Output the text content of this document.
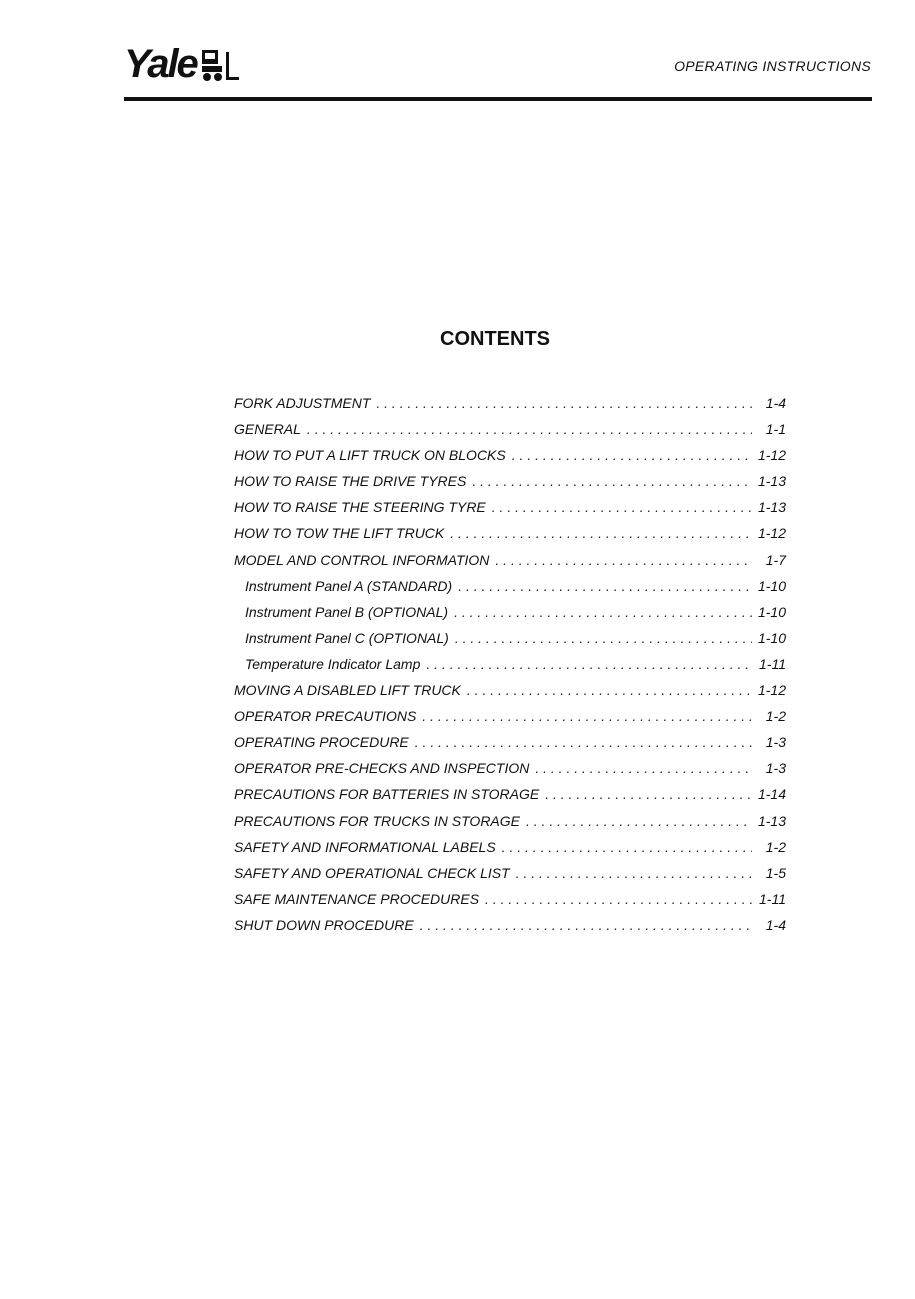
Yale	OPERATING INSTRUCTIONS
CONTENTS
FORK ADJUSTMENT . . .	1-4
GENERAL . . .	1-1
HOW TO PUT A LIFT TRUCK ON BLOCKS . . .	1-12
HOW TO RAISE THE DRIVE TYRES . . .	1-13
HOW TO RAISE THE STEERING TYRE . . .	1-13
HOW TO TOW THE LIFT TRUCK . . .	1-12
MODEL AND CONTROL INFORMATION . . .	1-7
Instrument Panel A (STANDARD) . . .	1-10
Instrument Panel B (OPTIONAL) . . .	1-10
Instrument Panel C (OPTIONAL) . . .	1-10
Temperature Indicator Lamp . . .	1-11
MOVING A DISABLED LIFT TRUCK . . .	1-12
OPERATOR PRECAUTIONS . . .	1-2
OPERATING PROCEDURE . . .	1-3
OPERATOR PRE-CHECKS AND INSPECTION . . .	1-3
PRECAUTIONS FOR BATTERIES IN STORAGE . . .	1-14
PRECAUTIONS FOR TRUCKS IN STORAGE . . .	1-13
SAFETY AND INFORMATIONAL LABELS . . .	1-2
SAFETY AND OPERATIONAL CHECK LIST . . .	1-5
SAFE MAINTENANCE PROCEDURES . . .	1-11
SHUT DOWN PROCEDURE . . .	1-4
